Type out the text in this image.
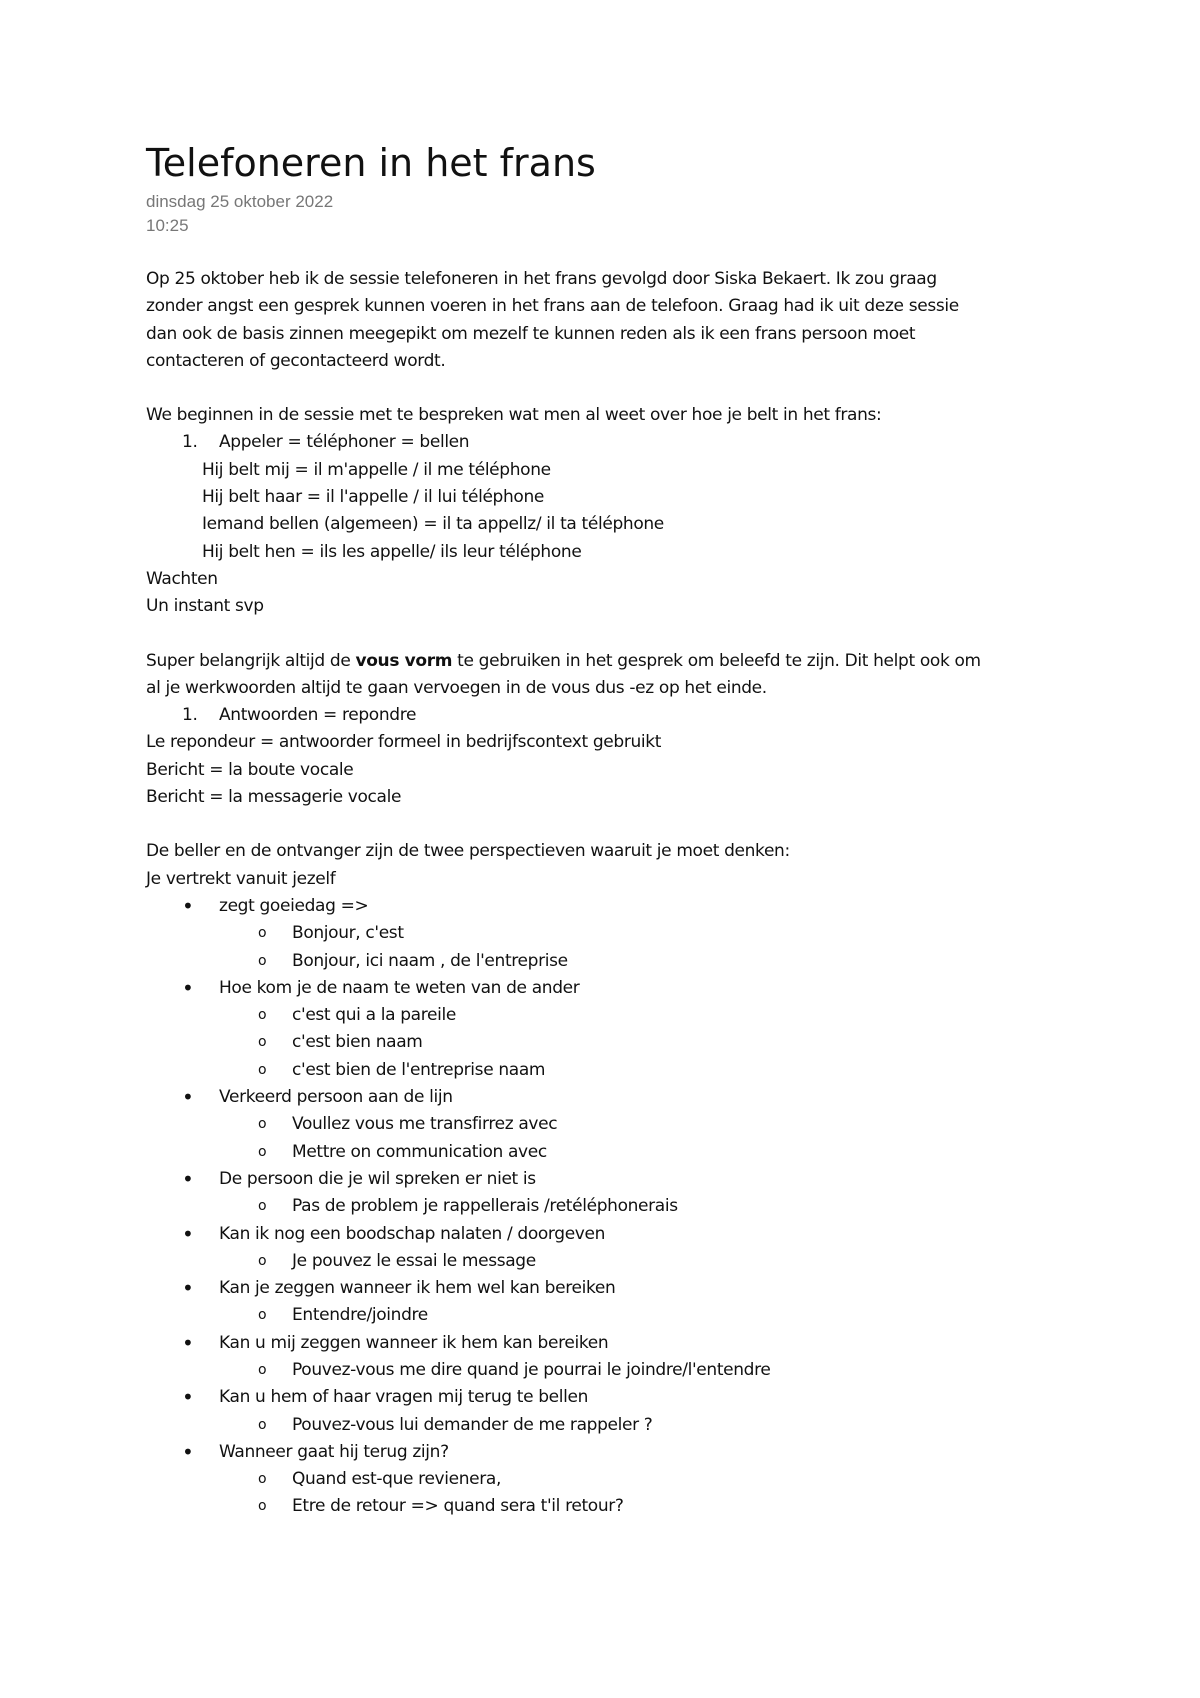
Telefoneren in het frans
dinsdag 25 oktober 2022
10:25

Op 25 oktober heb ik de sessie telefoneren in het frans gevolgd door Siska Bekaert. Ik zou graag

zonder angst een gesprek kunnen voeren in het frans aan de telefoon. Graag had ik uit deze sessie

dan ook de basis zinnen meegepikt om mezelf te kunnen reden als ik een frans persoon moet

contacteren of gecontacteerd wordt.

We beginnen in de sessie met te bespreken wat men al weet over hoe je belt in het frans:

1. Appeler = téléphoner = bellen

Hij belt mij = il m'appelle / il me téléphone

Hij belt haar = il l'appelle / il lui téléphone

Iemand bellen (algemeen) = il ta appellz/ il ta téléphone

Hij belt hen = ils les appelle/ ils leur téléphone

Wachten

Un instant svp

Super belangrijk altijd de vous vorm te gebruiken in het gesprek om beleefd te zijn. Dit helpt ook om

al je werkwoorden altijd te gaan vervoegen in de vous dus -ez op het einde.

1. Antwoorden = repondre

Le repondeur = antwoorder formeel in bedrijfscontext gebruikt

Bericht = la boute vocale

Bericht = la messagerie vocale

De beller en de ontvanger zijn de twee perspectieven waaruit je moet denken:

Je vertrekt vanuit jezelf

• zegt goeiedag =>

o Bonjour, c'est

o Bonjour, ici naam , de l'entreprise

• Hoe kom je de naam te weten van de ander

o c'est qui a la pareile

o c'est bien naam

o c'est bien de l'entreprise naam

• Verkeerd persoon aan de lijn

o Voullez vous me transfirrez avec

o Mettre on communication avec

• De persoon die je wil spreken er niet is

o Pas de problem je rappellerais /retéléphonerais

• Kan ik nog een boodschap nalaten / doorgeven

o Je pouvez le essai le message

• Kan je zeggen wanneer ik hem wel kan bereiken

o Entendre/joindre

• Kan u mij zeggen wanneer ik hem kan bereiken

o Pouvez-vous me dire quand je pourrai le joindre/l'entendre

• Kan u hem of haar vragen mij terug te bellen

o Pouvez-vous lui demander de me rappeler ?

• Wanneer gaat hij terug zijn?

o Quand est-que revienera,

o Etre de retour => quand sera t'il retour?
